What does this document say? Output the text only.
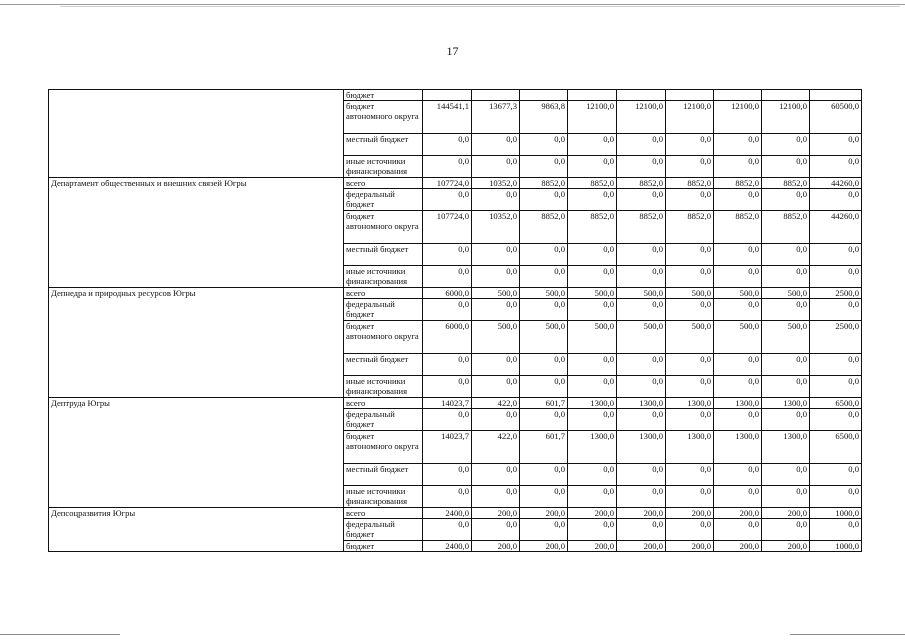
17
	бюджет									
	бюджет автономного округа	144541,1	13677,3	9863,8	12100,0	12100,0	12100,0	12100,0	12100,0	60500,0
	местный бюджет	0,0	0,0	0,0	0,0	0,0	0,0	0,0	0,0	0,0
	иные источники финансирования	0,0	0,0	0,0	0,0	0,0	0,0	0,0	0,0	0,0
Департамент общественных и внешних связей Югры	всего	107724,0	10352,0	8852,0	8852,0	8852,0	8852,0	8852,0	8852,0	44260,0
	федеральный бюджет	0,0	0,0	0,0	0,0	0,0	0,0	0,0	0,0	0,0
	бюджет автономного округа	107724,0	10352,0	8852,0	8852,0	8852,0	8852,0	8852,0	8852,0	44260,0
	местный бюджет	0,0	0,0	0,0	0,0	0,0	0,0	0,0	0,0	0,0
	иные источники финансирования	0,0	0,0	0,0	0,0	0,0	0,0	0,0	0,0	0,0
Депнедра и природных ресурсов Югры	всего	6000,0	500,0	500,0	500,0	500,0	500,0	500,0	500,0	2500,0
	федеральный бюджет	0,0	0,0	0,0	0,0	0,0	0,0	0,0	0,0	0,0
	бюджет автономного округа	6000,0	500,0	500,0	500,0	500,0	500,0	500,0	500,0	2500,0
	местный бюджет	0,0	0,0	0,0	0,0	0,0	0,0	0,0	0,0	0,0
	иные источники финансирования	0,0	0,0	0,0	0,0	0,0	0,0	0,0	0,0	0,0
Дептруда Югры	всего	14023,7	422,0	601,7	1300,0	1300,0	1300,0	1300,0	1300,0	6500,0
	федеральный бюджет	0,0	0,0	0,0	0,0	0,0	0,0	0,0	0,0	0,0
	бюджет автономного округа	14023,7	422,0	601,7	1300,0	1300,0	1300,0	1300,0	1300,0	6500,0
	местный бюджет	0,0	0,0	0,0	0,0	0,0	0,0	0,0	0,0	0,0
	иные источники финансирования	0,0	0,0	0,0	0,0	0,0	0,0	0,0	0,0	0,0
Депсоцразвития Югры	всего	2400,0	200,0	200,0	200,0	200,0	200,0	200,0	200,0	1000,0
	федеральный бюджет	0,0	0,0	0,0	0,0	0,0	0,0	0,0	0,0	0,0
	бюджет	2400,0	200,0	200,0	200,0	200,0	200,0	200,0	200,0	1000,0
